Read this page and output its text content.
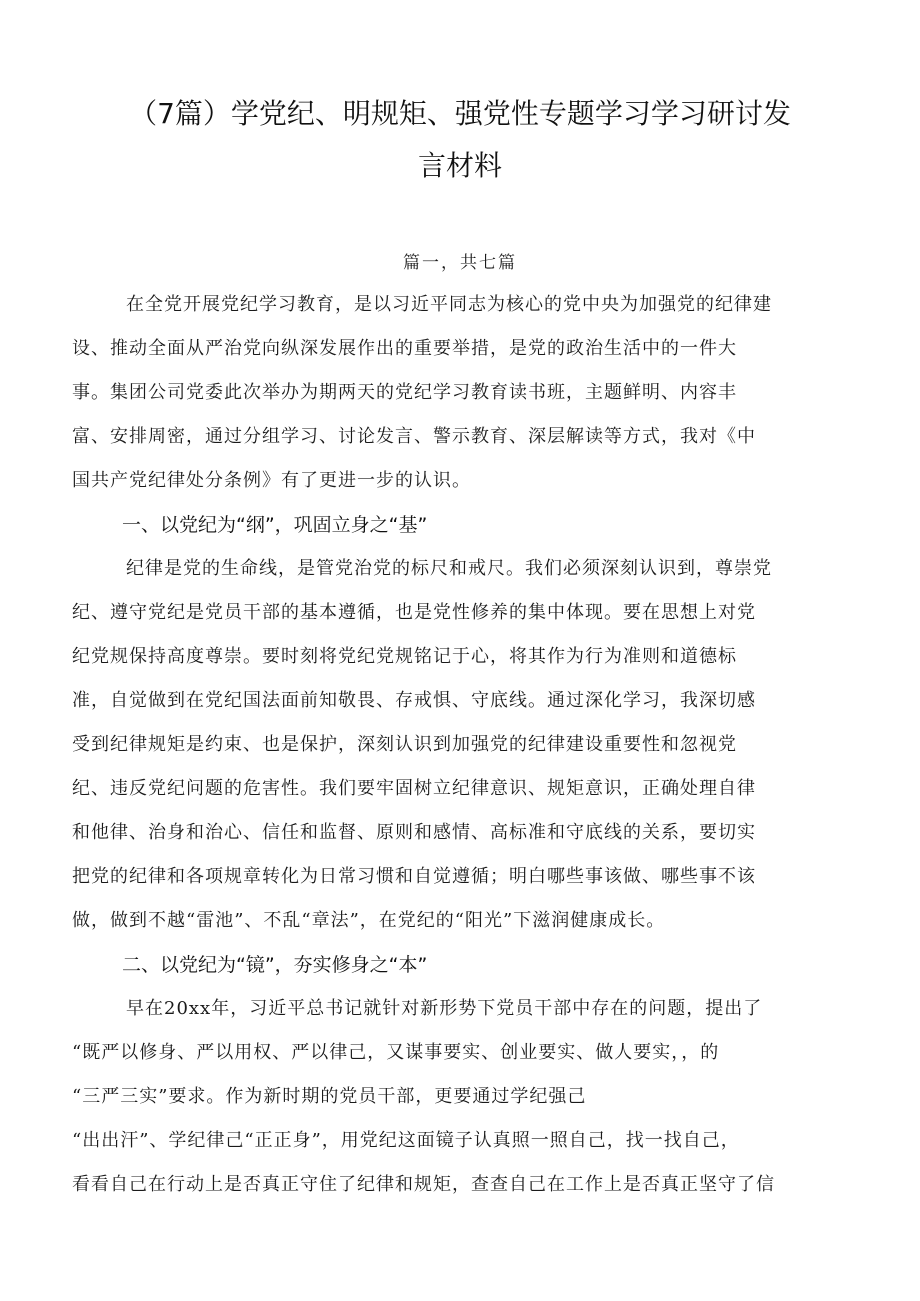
（7篇）学党纪、明规矩、强党性专题学习学习研讨发
言材料
篇一，共七篇
在全党开展党纪学习教育，是以习近平同志为核心的党中央为加强党的纪律建
设、推动全面从严治党向纵深发展作出的重要举措，是党的政治生活中的一件大
事。集团公司党委此次举办为期两天的党纪学习教育读书班，主题鲜明、内容丰
富、安排周密，通过分组学习、讨论发言、警示教育、深层解读等方式，我对《中
国共产党纪律处分条例》有了更进一步的认识。
一、以党纪为“纲”，巩固立身之“基”
纪律是党的生命线，是管党治党的标尺和戒尺。我们必须深刻认识到，尊崇党
纪、遵守党纪是党员干部的基本遵循，也是党性修养的集中体现。要在思想上对党
纪党规保持高度尊崇。要时刻将党纪党规铭记于心，将其作为行为准则和道德标
准，自觉做到在党纪国法面前知敬畏、存戒惧、守底线。通过深化学习，我深切感
受到纪律规矩是约束、也是保护，深刻认识到加强党的纪律建设重要性和忽视党
纪、违反党纪问题的危害性。我们要牢固树立纪律意识、规矩意识，正确处理自律
和他律、治身和治心、信任和监督、原则和感情、高标准和守底线的关系，要切实
把党的纪律和各项规章转化为日常习惯和自觉遵循；明白哪些事该做、哪些事不该
做，做到不越“雷池”、不乱“章法”，在党纪的“阳光”下滋润健康成长。
二、以党纪为“镜”，夯实修身之“本”
早在20xx年，习近平总书记就针对新形势下党员干部中存在的问题，提出了
“既严以修身、严以用权、严以律己，又谋事要实、创业要实、做人要实，，的
“三严三实”要求。作为新时期的党员干部，更要通过学纪强己
“出出汗”、学纪律己“正正身”，用党纪这面镜子认真照一照自己，找一找自己，
看看自己在行动上是否真正守住了纪律和规矩，查查自己在工作上是否真正坚守了信
